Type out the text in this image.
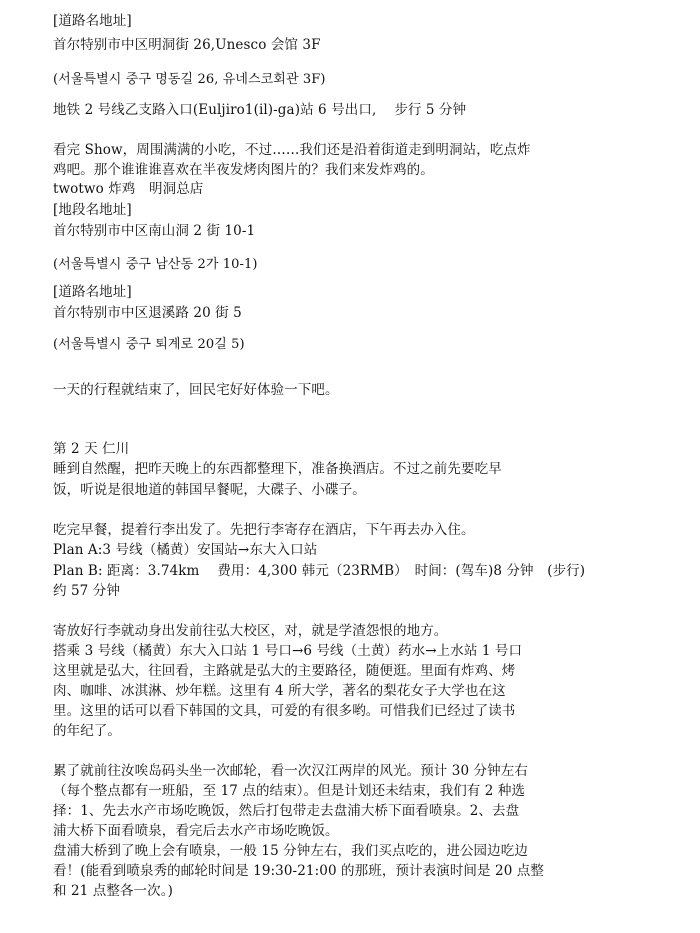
[道路名地址]
首尔特别市中区明洞街 26,Unesco 会馆 3F
(서울특별시 중구 명동길 26, 유네스코회관 3F)
地铁 2 号线乙支路入口(Euljiro1(il)-ga)站 6 号出口,　 步行 5 分钟
看完 Show，周围满满的小吃，不过……我们还是沿着街道走到明洞站，吃点炸
鸡吧。那个谁谁谁喜欢在半夜发烤肉图片的？我们来发炸鸡的。
twotwo 炸鸡　明洞总店
[地段名地址]
首尔特别市中区南山洞 2 街 10-1
(서울특별시 중구 남산동 2가 10-1)
[道路名地址]
首尔特别市中区退溪路 20 街 5
(서울특별시 중구 퇴계로 20길 5)
一天的行程就结束了，回民宅好好体验一下吧。
第 2 天 仁川
睡到自然醒，把昨天晚上的东西都整理下，准备换酒店。不过之前先要吃早
饭，听说是很地道的韩国早餐呢，大碟子、小碟子。
吃完早餐，提着行李出发了。先把行李寄存在酒店，下午再去办入住。
Plan A:3 号线（橘黄）安国站→东大入口站
Plan B: 距离：3.74km　 费用：4,300 韩元（23RMB）　时间：(驾车)8 分钟　(步行)
约 57 分钟
寄放好行李就动身出发前往弘大校区，对，就是学渣怨恨的地方。
搭乘 3 号线（橘黄）东大入口站 1 号口→6 号线（土黄）药水→上水站 1 号口
这里就是弘大，往回看，主路就是弘大的主要路径，随便逛。里面有炸鸡、烤
肉、咖啡、冰淇淋、炒年糕。这里有 4 所大学，著名的梨花女子大学也在这
里。这里的话可以看下韩国的文具，可爱的有很多哟。可惜我们已经过了读书
的年纪了。
累了就前往汝唉岛码头坐一次邮轮，看一次汉江两岸的风光。预计 30 分钟左右
（每个整点都有一班船，至 17 点的结束）。但是计划还未结束，我们有 2 种选
择：1、先去水产市场吃晚饭，然后打包带走去盘浦大桥下面看喷泉。2、去盘
浦大桥下面看喷泉，看完后去水产市场吃晚饭。
盘浦大桥到了晚上会有喷泉，一般 15 分钟左右，我们买点吃的，进公园边吃边
看！(能看到喷泉秀的邮轮时间是 19:30-21:00 的那班，预计表演时间是 20 点整
和 21 点整各一次。)
